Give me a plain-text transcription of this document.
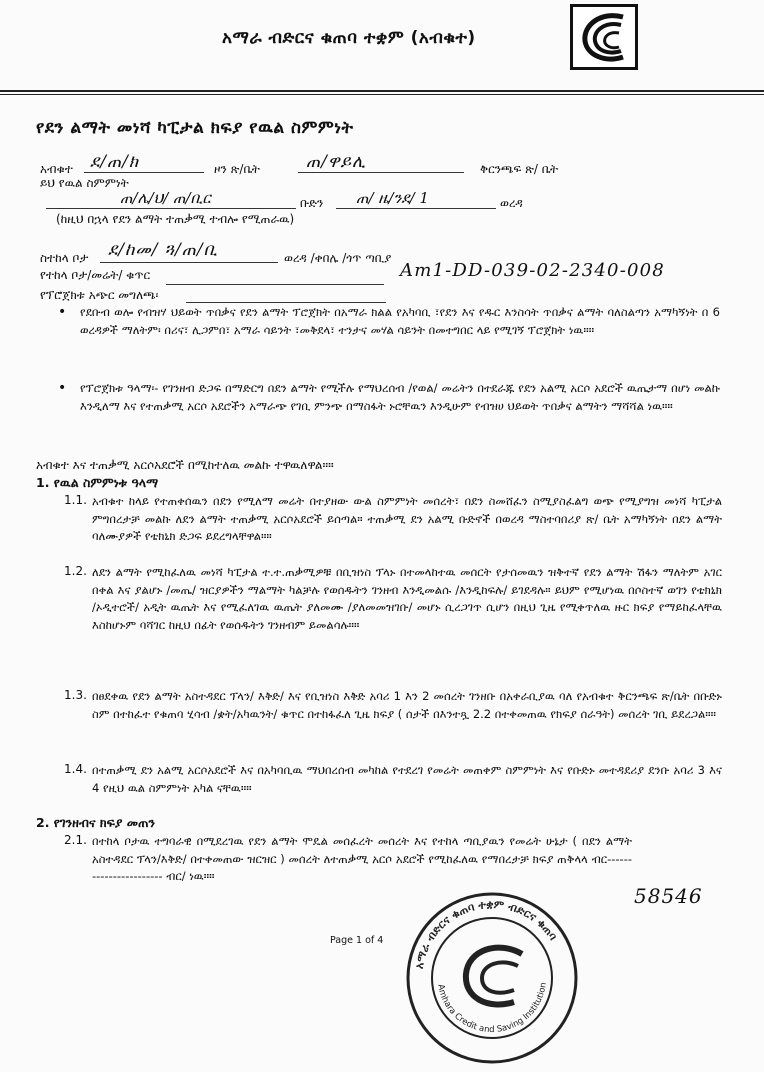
አማራ ብድርና ቁጠባ ተቋም (አብቁተ)
የደን ልማት መነሻ ካፒታል ክፍያ የዉል ስምምነት
አብቁተ ደ/ጠ/ክ	ዞን ጽ/ቤት	ጠ/ዋይሊ	ቅርንጫፍ ጽ/ ቤት
ይህ የዉል ስምምነት
ጠ/ሌ/ህ/ ጠ/ቢር	ቡድን ጠ/ ዜ/ንደ/ 1	ወረዳ
(ከዚህ በኋላ የደን ልማት ተጠቃሚ ተብሎ የሚጠራዉ)
ስተከላ ቦታ ደ/ከመ/ ጓ/ጠ/ቢ	ወረዳ /ቀበሌ /ጎጥ ጣቢያ
የተከላ ቦታ/መሬት/ ቁጥር	Am1-DD-039-02-2340-008
የፕሮጀክቱ አጭር መግለጫ፡
• የደቡብ ወሎ የብዝሃ ህይወት ጥበቃና የደን ልማት ፕሮጀክት በአማራ ክልል የአካባቢ ፣የደን እና የዱር እንስሳት ጥበቃና ልማት ባለስልጣን አማካኝነት በ 6 ወረዳዎች ማለትም፡ በሪና፣ ሊጋምበ፣ አማራ ሳይንት ፣መቅደላ፣ ተንታና መሃል ሳይንት በመተግበር ላይ የሚገኝ ፕሮጀክት ነዉ።።
• የፕሮጀክቱ ዓላማ፡- የገንዘብ ድጋፍ በማድርግ በደን ልማት የሚችሉ የማህረሰብ /የወል/ መሬትን በተደራጁ የደን አልሚ አርሶ አደሮች ዉጤታማ በሆነ መልኩ እንዲለማ እና የተጠቃሚ አርሶ አደሮችን አማራጭ የገቢ ምንጭ በማስፋት ኑሮቸዉን እንዲሁም የብዝሀ ህይወት ጥበቃና ልማትን ማሻሻል ነዉ።።
አብቁተ እና ተጠቃሚ አርሶአደሮች በሚከተለዉ መልኩ ተዋዉለዋል።።
1. የዉል ስምምነቱ ዓላማ
1.1. አብቁተ ከላይ የተጠቀሰዉን በደን የሚለማ መሬት በተያዘው ውል ስምምነት መሰረት፣ በደን ስመሸፈን ስሚያስፈልግ ወጭ የሚያግዝ መነሻ ካፒታል ምግበረታቻ መልኩ ለደን ልማት ተጠቃሚ አርሶአደሮች ይሰጣል። ተጠቃሚ ደን አልሚ ቡድኖች በወረዳ ማስተባበሪያ ጽ/ ቤት አማካኝነት በደን ልማት ባለሙያዎች የቴክኒክ ድጋፍ ይደረግላቸዋል።።
1.2. ለደን ልማት የሚከፈለዉ መነሻ ካፒታል ተ.ተ.ጠቃሚዎቹ በቢዝነስ ፕላኑ በተመላከተዉ መሰርት የታሰመዉን ዝቅተኛ የደን ልማት ሽፋን ማለትም አገር በቀል እና ያልሆኑ /መጤ/ ዝርያዎችን ማልማት ካልቻሉ የወሰዱትን ገንዘብ እንዲመልሱ /እንዲከፍሉ/ ይገደዳሉ። ይህም የሚሆነዉ በሶስተኛ ወገን የቴክኒክ /ኦዲተሮች/ አዲት ዉጤት እና የሚፈለገዉ ዉጤት ያለመሙ /ያለመመዝገቡ/ መሆኑ ሲረጋገጥ ሲሆን በዚህ ጊዜ የሚቀጥለዉ ዙር ክፍያ የማይከፈላቸዉ እስከሆኑም ባሻገር ከዚህ በፊት የወሰዱትን ገንዘብም ይመልሳሉ።።
1.3. በፀደቀዉ የደን ልማት አስተዳደር ፕላን/ እቅድ/ እና የቢዝነስ እቅድ አባሪ 1 እን 2 መሰረት ገንዘቡ በአቀራቢያዉ ባለ የአብቁተ ቅርንጫፍ ጽ/ቤት በቡድኑ ስም በተከፈተ የቁጠባ ሂሳብ /ቋት/አካዉንት/ ቁጥር በተከፋፈለ ጊዜ ክፍያ ( ሰታች በእንተጿ 2.2 በተቀመጠዉ የክፍያ ሰራዓት) መሰረት ገቢ ይደረጋል።።
1.4. በተጠቃሚ ደን አልሚ አርሶአደሮች እና በአካባቢዉ ማህበረሰብ መካከል የተደረገ የመሬት መጠቀም ስምምነት እና የቡድኑ መተዳደሪያ ደንቡ አባሪ 3 እና 4 የዚህ ዉል ስምምነት አካል ናቸዉ።።
2. የገንዘብና ክፍያ መጠን
2.1. በተከላ ቦታዉ ተግባራዊ በሚደረገዉ የደን ልማት ሞዴል መሰፈረት መሰረት እና የተከላ ጣቢያዉን የመሬት ሁኔታ ( በደን ልማት አስተዳደር ፕላን/እቅድ/ በተቀመጠው ዝርዝር ) መሰረት ለተጠቃሚ አርሶ አደሮች የሚከፈለዉ የማበረታቻ ክፍያ ጠቅላላ ብር----------------------- ብር/ ነዉ።።
58546
Page 1 of 4
አማራ ብድርና ቁጠባ ተቋም ብድርና ቁጠባ
Amhara Credit and Saving Institution
